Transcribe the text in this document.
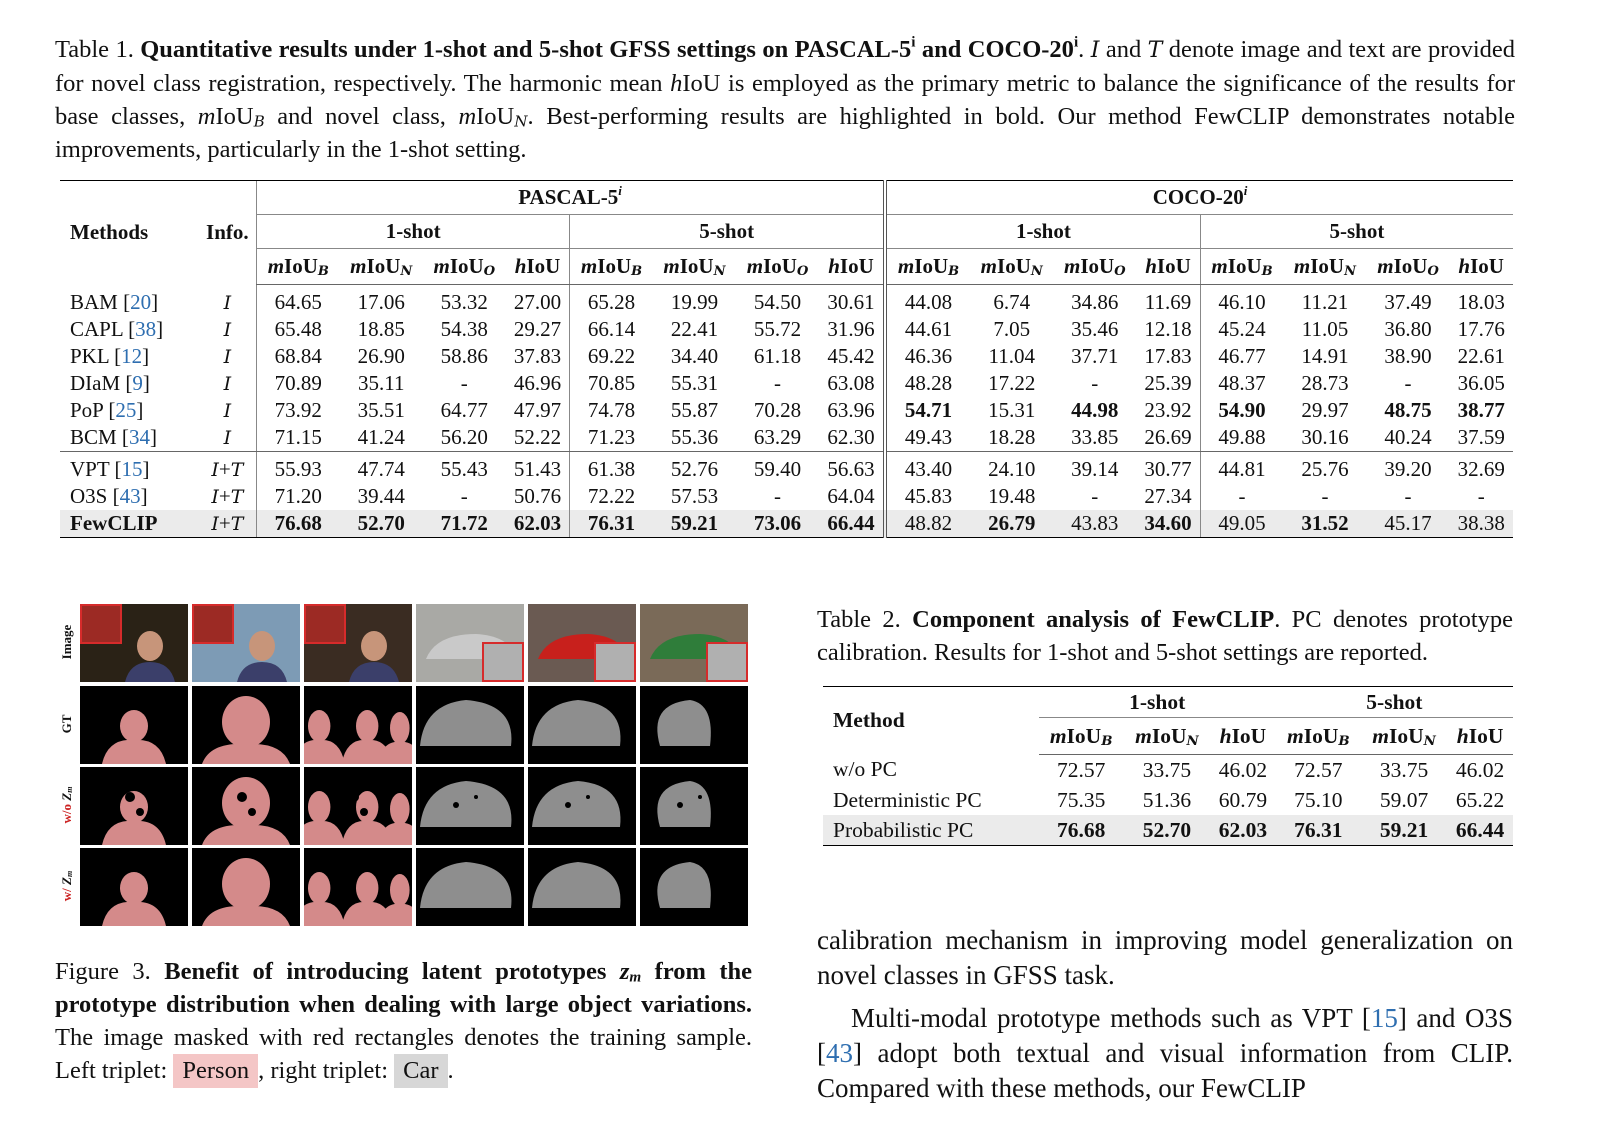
Table 1. Quantitative results under 1-shot and 5-shot GFSS settings on PASCAL-5$^i$ and COCO-20$^i$. I and T denote image and text are provided for novel class registration, respectively. The harmonic mean hIoU is employed as the primary metric to balance the significance of the results for base classes, mIoU$_B$ and novel class, mIoU$_N$. Best-performing results are highlighted in bold. Our method FewCLIP demonstrates notable improvements, particularly in the 1-shot setting.
Methods	Info.	PASCAL-5$^i$								COCO-20$^i$
		1-shot				5-shot				1-shot				5-shot			
		mIoU$_B$	mIoU$_N$	mIoU$_O$	hIoU	mIoU$_B$	mIoU$_N$	mIoU$_O$	hIoU	mIoU$_B$	mIoU$_N$	mIoU$_O$	hIoU	mIoU$_B$	mIoU$_N$	mIoU$_O$	hIoU
BAM [20]	I	64.65	17.06	53.32	27.00	65.28	19.99	54.50	30.61	44.08	6.74	34.86	11.69	46.10	11.21	37.49	18.03
CAPL [38]	I	65.48	18.85	54.38	29.27	66.14	22.41	55.72	31.96	44.61	7.05	35.46	12.18	45.24	11.05	36.80	17.76
PKL [12]	I	68.84	26.90	58.86	37.83	69.22	34.40	61.18	45.42	46.36	11.04	37.71	17.83	46.77	14.91	38.90	22.61
DIaM [9]	I	70.89	35.11	-	46.96	70.85	55.31	-	63.08	48.28	17.22	-	25.39	48.37	28.73	-	36.05
PoP [25]	I	73.92	35.51	64.77	47.97	74.78	55.87	70.28	63.96	54.71	15.31	44.98	23.92	54.90	29.97	48.75	38.77
BCM [34]	I	71.15	41.24	56.20	52.22	71.23	55.36	63.29	62.30	49.43	18.28	33.85	26.69	49.88	30.16	40.24	37.59
VPT [15]	I+T	55.93	47.74	55.43	51.43	61.38	52.76	59.40	56.63	43.40	24.10	39.14	30.77	44.81	25.76	39.20	32.69
O3S [43]	I+T	71.20	39.44	-	50.76	72.22	57.53	-	64.04	45.83	19.48	-	27.34	-	-	-	-
FewCLIP	I+T	76.68	52.70	71.72	62.03	76.31	59.21	73.06	66.44	48.82	26.79	43.83	34.60	49.05	31.52	45.17	38.38
Image
GT
w/o $Z_m$
w/ $Z_m$
Figure 3. Benefit of introducing latent prototypes $z_m$ from the prototype distribution when dealing with large object variations. The image masked with red rectangles denotes the training sample. Left triplet: Person , right triplet: Car .
Table 2. Component analysis of FewCLIP. PC denotes prototype calibration. Results for 1-shot and 5-shot settings are reported.
Method	1-shot			5-shot		
	mIoU$_B$	mIoU$_N$	hIoU	mIoU$_B$	mIoU$_N$	hIoU
w/o PC	72.57	33.75	46.02	72.57	33.75	46.02
Deterministic PC	75.35	51.36	60.79	75.10	59.07	65.22
Probabilistic PC	76.68	52.70	62.03	76.31	59.21	66.44

calibration mechanism in improving model generalization on novel classes in GFSS task.

Multi-modal prototype methods such as VPT [15] and O3S [43] adopt both textual and visual information from CLIP. Compared with these methods, our FewCLIP
